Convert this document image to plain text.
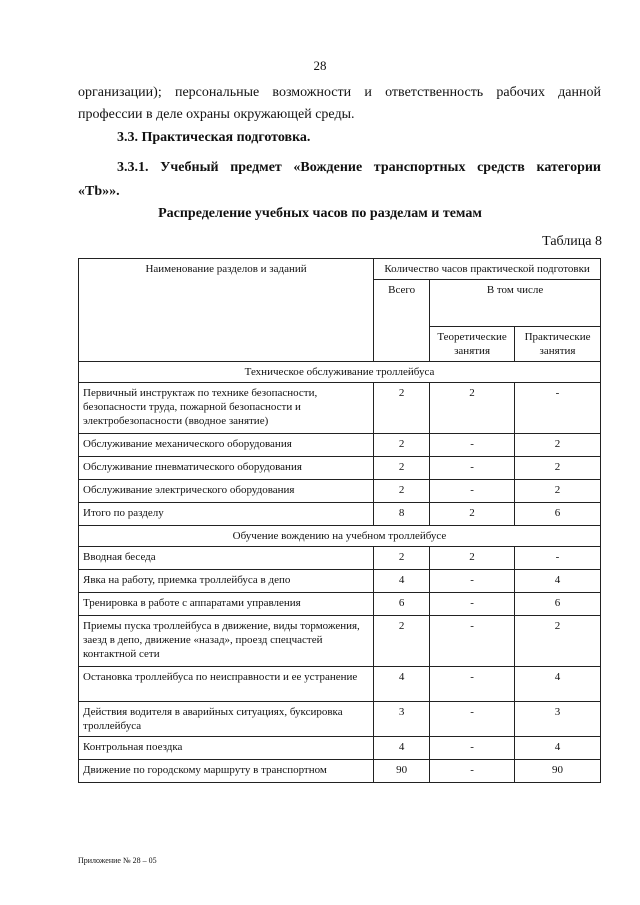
28
организации); персональные возможности и ответственность рабочих данной
профессии в деле охраны окружающей среды.
3.3. Практическая подготовка.
3.3.1. Учебный предмет «Вождение транспортных средств категории
«Tb»».
Распределение учебных часов по разделам и темам
Таблица 8
Наименование разделов и заданий	Количество часов практической подготовки		
	Всего	В том числе	
		Теоретические занятия	Практические занятия
Техническое обслуживание троллейбуса			
Первичный инструктаж по технике безопасности, безопасности труда, пожарной безопасности и электробезопасности (вводное занятие)	2	2	-
Обслуживание механического оборудования	2	-	2
Обслуживание пневматического оборудования	2	-	2
Обслуживание электрического оборудования	2	-	2
Итого по разделу	8	2	6
Обучение вождению на учебном троллейбусе			
Вводная беседа	2	2	-
Явка на работу, приемка троллейбуса в депо	4	-	4
Тренировка в работе с аппаратами управления	6	-	6
Приемы пуска троллейбуса в движение, виды торможения, заезд в депо, движение «назад», проезд спецчастей контактной сети	2	-	2
Остановка троллейбуса по неисправности и ее устранение	4	-	4
Действия водителя в аварийных ситуациях, буксировка троллейбуса	3	-	3
Контрольная поездка	4	-	4
Движение по городскому маршруту в транспортном	90	-	90
Приложение № 28 – 05
